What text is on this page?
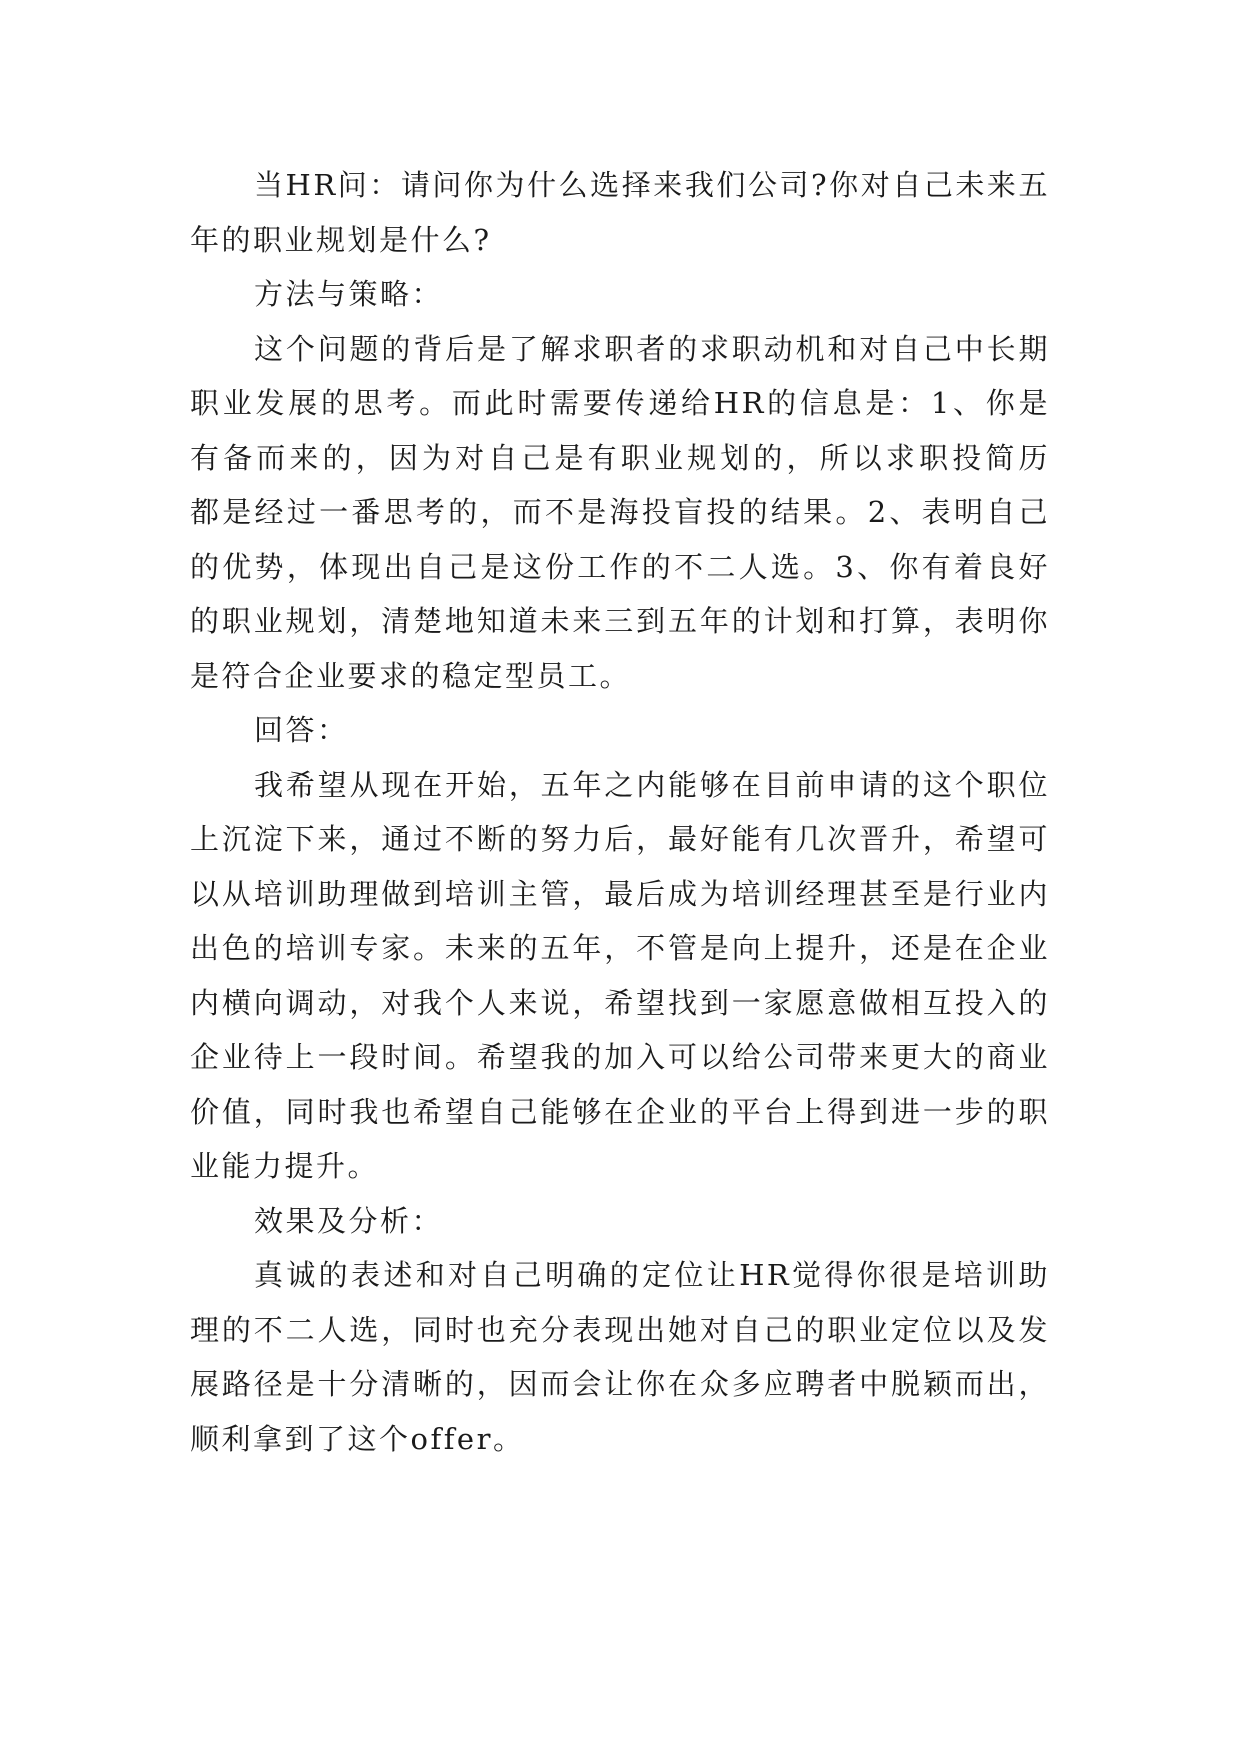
当HR问：请问你为什么选择来我们公司?你对自己未来五年的职业规划是什么?

方法与策略：

这个问题的背后是了解求职者的求职动机和对自己中长期职业发展的思考。而此时需要传递给HR的信息是：1、你是有备而来的，因为对自己是有职业规划的，所以求职投简历 都是经过一番思考的，而不是海投盲投的结果。2、表明自己的优势，体现出自己是这份工作的不二人选。3、你有着良好的职业规划，清楚地知道未来三到五年的计划和打算，表明你是符合企业要求的稳定型员工。

回答：

我希望从现在开始，五年之内能够在目前申请的这个职位上沉淀下来，通过不断的努力后，最好能有几次晋升，希望可以从培训助理做到培训主管，最后成为培训经理甚至是行业内出色的培训专家。未来的五年，不管是向上提升，还是在企业内横向调动，对我个人来说，希望找到一家愿意做相互投入的企业待上一段时间。希望我的加入可以给公司带来更大的商业价值，同时我也希望自己能够在企业的平台上得到进一步的职业能力提升。

效果及分析：

真诚的表述和对自己明确的定位让HR觉得你很是培训助理的不二人选，同时也充分表现出她对自己的职业定位以及发展路径是十分清晰的，因而会让你在众多应聘者中脱颖而出，顺利拿到了这个offer。
